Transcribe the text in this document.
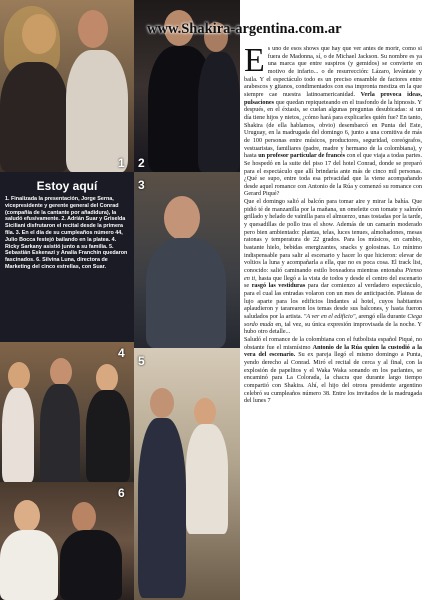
1 2
Estoy aquí
1. Finalizada la presentación, Jorge Serna, vicepresidente y gerente general del Conrad (compañía de la cantante por añadidura), la saludó efusivamente. 2. Adrián Suar y Griselda Siciliani disfrutaron el recital desde la primera fila. 3. En el día de su cumpleaños número 44, Julio Bocca festejó bailando en la platea. 4. Ricky Sarkany asistió junto a su familia. 5. Sebastián Eskenazi y Analía Franchín quedaron fascinados. 6. Silvina Luna, directora de Marketing del cinco estrellas, con Suar.
3
4
5
6
www.Shakira-argentina.com.ar
E s uno de esos shows que hay que ver antes de morir, como si fuera de Madonna, sí, o de Michael Jackson. Su nombre es ya una marca que entre suspiros (y gemidos) se convierte en motivo de infarto... o de resurrección: Lázaro, levántate y baila. Y el espectáculo todo es un preciso ensamble de factores entre arabescos y gitanos, condimentados con esa impronta mestiza en la que siempre cae nuestra latinoamericanidad. Verla provoca ideas, pulsaciones que quedan repiqueteando en el trasfondo de la hipnosis. Y después, en el éxtasis, se cuelan algunas preguntas desubicadas: si un día tiene hijos y nietos, ¿cómo hará para explicarles quién fue? En tanto, Shakira (de ella hablamos, obvio) desembarcó en Punta del Este, Uruguay, en la madrugada del domingo 6, junto a una comitiva de más de 100 personas entre músicos, productores, seguridad, coreógrafos, vestuaristas, familiares (padre, madre y hermano de la colombiana), y hasta un profesor particular de francés con el que viaja a todas partes. Se hospedó en la suite del piso 17 del hotel Conrad, donde se preparó para el espectáculo que allí brindaría ante más de cinco mil personas. ¿Qué se supo, entre toda esa privacidad que la viene acompañando desde aquel romance con Antonio de la Rúa y comenzó su romance con Gerard Piqué?
Que el domingo salió al balcón para tomar aire y mirar la bahía. Que pidió té de manzanilla por la mañana, un omelette con tomate y salmón grillado y helado de vainilla para el almuerzo, unas tostadas por la tarde, y quesadillas de pollo tras el show. Además de un camarín moderado pero bien ambientado: plantas, telas, luces tenues, almohadones, mesas ratonas y temperatura de 22 grados. Para los músicos, en cambio, bastante hielo, bebidas energizantes, snacks y golosinas. Lo mínimo indispensable para salir al escenario y hacer lo que hicieron: elevar de voltios la luna y acompañarla a ella, que no es poca cosa. El track list, conocido: salió caminando estilo boxeadora mientras entonaba Pienso en ti, hasta que llegó a la vista de todos y desde el centro del escenario se rasgó las vestiduras para dar comienzo al verdadero espectáculo, para el cual las entradas volaron con un mes de anticipación. Plateas de lujo aparte para los edificios lindantes al hotel, cuyos habitantes aplaudieron y tararearon los temas desde sus balcones, y hasta fueron saludados por la artista. "A ver en el edificio", arengó ella durante Ciega sordo muda en, tal vez, su única expresión improvisada de la noche. Y hubo otro detalle...
Saludó el romance de la colombiana con el futbolista español Piqué, no obstante fue el mismísimo Antonio de la Rúa quien la custodió a la vera del escenario. Su ex pareja llegó el mismo domingo a Punta, yendo derecho al Conrad. Miró el recital de cerca y al final, con la explosión de papelitos y el Waka Waka sonando en los parlantes, se encaminó para La Colorada, la chacra que durante largo tiempo compartió con Shakira. Ahí, el hijo del otrora presidente argentino celebró su cumpleaños número 38. Entre los invitados de la madrugada del lunes 7
